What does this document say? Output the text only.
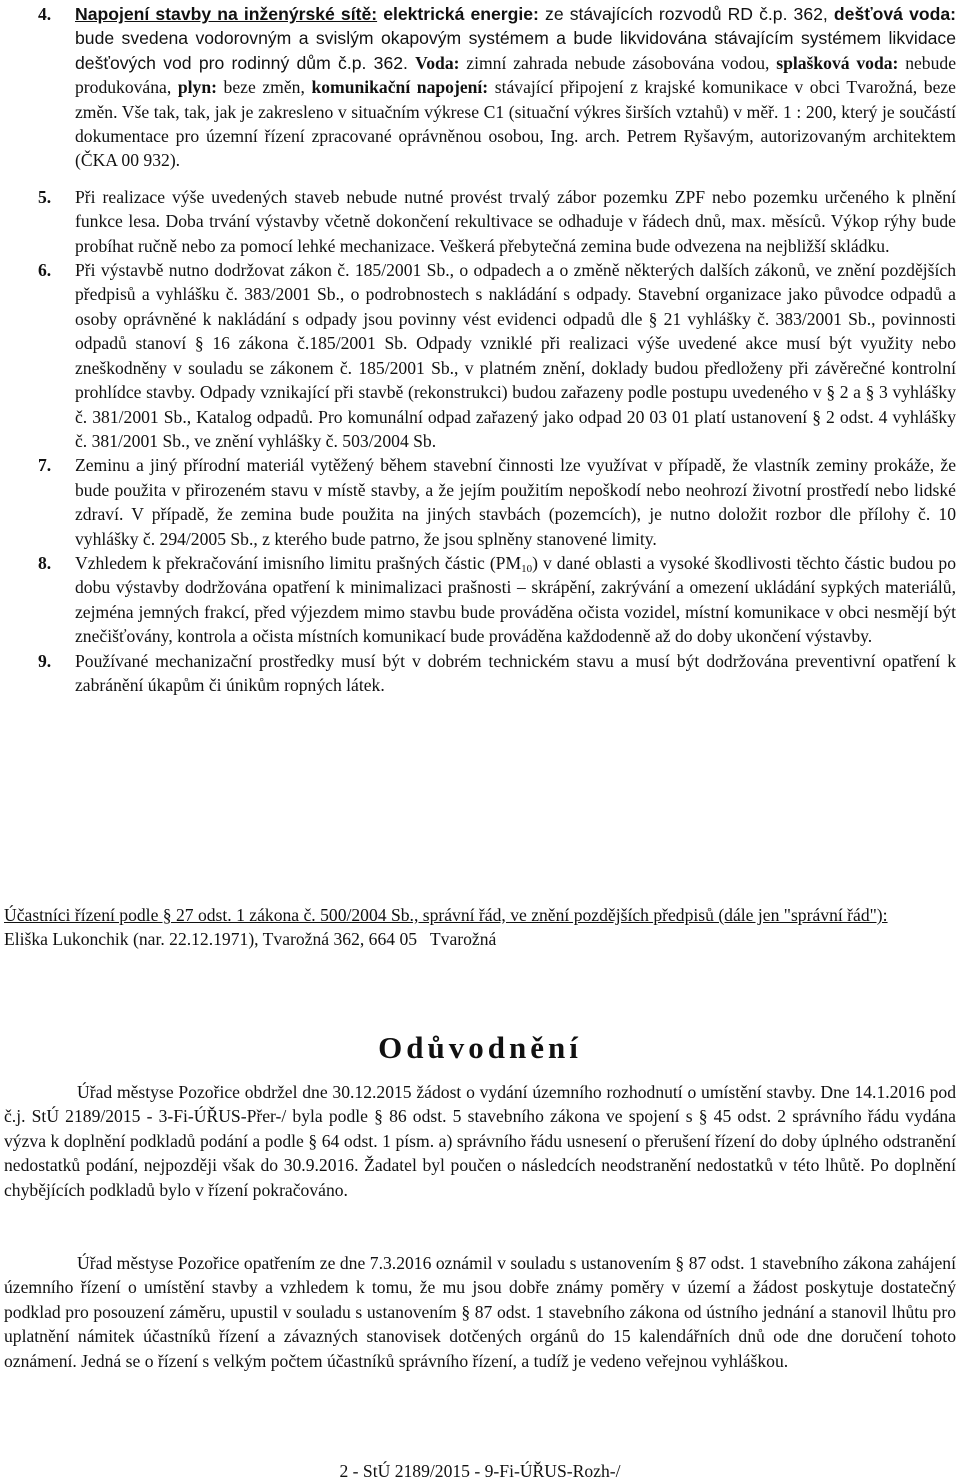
4. Napojení stavby na inženýrské sítě: elektrická energie: ze stávajících rozvodů RD č.p. 362, dešťová voda: bude svedena vodorovným a svislým okapovým systémem a bude likvidována stávajícím systémem likvidace dešťových vod pro rodinný dům č.p. 362. Voda: zimní zahrada nebude zásobována vodou, splašková voda: nebude produkována, plyn: beze změn, komunikační napojení: stávající připojení z krajské komunikace v obci Tvarožná, beze změn. Vše tak, tak, jak je zakresleno v situačním výkrese C1 (situační výkres širších vztahů) v měř. 1 : 200, který je součástí dokumentace pro územní řízení zpracované oprávněnou osobou, Ing. arch. Petrem Ryšavým, autorizovaným architektem (ČKA 00 932).
5. Při realizace výše uvedených staveb nebude nutné provést trvalý zábor pozemku ZPF nebo pozemku určeného k plnění funkce lesa. Doba trvání výstavby včetně dokončení rekultivace se odhaduje v řádech dnů, max. měsíců. Výkop rýhy bude probíhat ručně nebo za pomocí lehké mechanizace. Veškerá přebytečná zemina bude odvezena na nejbližší skládku.
6. Při výstavbě nutno dodržovat zákon č. 185/2001 Sb., o odpadech a o změně některých dalších zákonů, ve znění pozdějších předpisů a vyhlášku č. 383/2001 Sb., o podrobnostech s nakládání s odpady. Stavební organizace jako původce odpadů a osoby oprávněné k nakládání s odpady jsou povinny vést evidenci odpadů dle § 21 vyhlášky č. 383/2001 Sb., povinnosti odpadů stanoví § 16 zákona č.185/2001 Sb. Odpady vzniklé při realizaci výše uvedené akce musí být využity nebo zneškodněny v souladu se zákonem č. 185/2001 Sb., v platném znění, doklady budou předloženy při závěrečné kontrolní prohlídce stavby. Odpady vznikající při stavbě (rekonstrukci) budou zařazeny podle postupu uvedeného v § 2 a § 3 vyhlášky č. 381/2001 Sb., Katalog odpadů. Pro komunální odpad zařazený jako odpad 20 03 01 platí ustanovení § 2 odst. 4 vyhlášky č. 381/2001 Sb., ve znění vyhlášky č. 503/2004 Sb.
7. Zeminu a jiný přírodní materiál vytěžený během stavební činnosti lze využívat v případě, že vlastník zeminy prokáže, že bude použita v přirozeném stavu v místě stavby, a že jejím použitím nepoškodí nebo neohrozí životní prostředí nebo lidské zdraví. V případě, že zemina bude použita na jiných stavbách (pozemcích), je nutno doložit rozbor dle přílohy č. 10 vyhlášky č. 294/2005 Sb., z kterého bude patrno, že jsou splněny stanovené limity.
8. Vzhledem k překračování imisního limitu prašných částic $(PM_{10})$ v dané oblasti a vysoké škodlivosti těchto částic budou po dobu výstavby dodržována opatření k minimalizaci prašnosti – skrápění, zakrývání a omezení ukládání sypkých materiálů, zejména jemných frakcí, před výjezdem mimo stavbu bude prováděna očista vozidel, místní komunikace v obci nesmějí být znečišťovány, kontrola a očista místních komunikací bude prováděna každodenně až do doby ukončení výstavby.
9. Používané mechanizační prostředky musí být v dobrém technickém stavu a musí být dodržována preventivní opatření k zabránění úkapům či únikům ropných látek.
Účastníci řízení podle § 27 odst. 1 zákona č. 500/2004 Sb., správní řád, ve znění pozdějších předpisů (dále jen "správní řád"):
Eliška Lukonchik (nar. 22.12.1971), Tvarožná 362, 664 05   Tvarožná
Odůvodnění
Úřad městyse Pozořice obdržel dne 30.12.2015 žádost o vydání územního rozhodnutí o umístění stavby. Dne 14.1.2016 pod č.j. StÚ 2189/2015 - 3-Fi-ÚŘUS-Přer-/ byla podle § 86 odst. 5 stavebního zákona ve spojení s § 45 odst. 2 správního řádu vydána výzva k doplnění podkladů podání a podle § 64 odst. 1 písm. a) správního řádu usnesení o přerušení řízení do doby úplného odstranění nedostatků podání, nejpozději však do 30.9.2016. Žadatel byl poučen o následcích neodstranění nedostatků v této lhůtě. Po doplnění chybějících podkladů bylo v řízení pokračováno.
Úřad městyse Pozořice opatřením ze dne 7.3.2016 oznámil v souladu s ustanovením § 87 odst. 1 stavebního zákona zahájení územního řízení o umístění stavby a vzhledem k tomu, že mu jsou dobře známy poměry v území a žádost poskytuje dostatečný podklad pro posouzení záměru, upustil v souladu s ustanovením § 87 odst. 1 stavebního zákona od ústního jednání a stanovil lhůtu pro uplatnění námitek účastníků řízení a závazných stanovisek dotčených orgánů do 15 kalendářních dnů ode dne doručení tohoto oznámení. Jedná se o řízení s velkým počtem účastníků správního řízení, a tudíž je vedeno veřejnou vyhláškou.
2 - StÚ 2189/2015 - 9-Fi-ÚŘUS-Rozh-/
